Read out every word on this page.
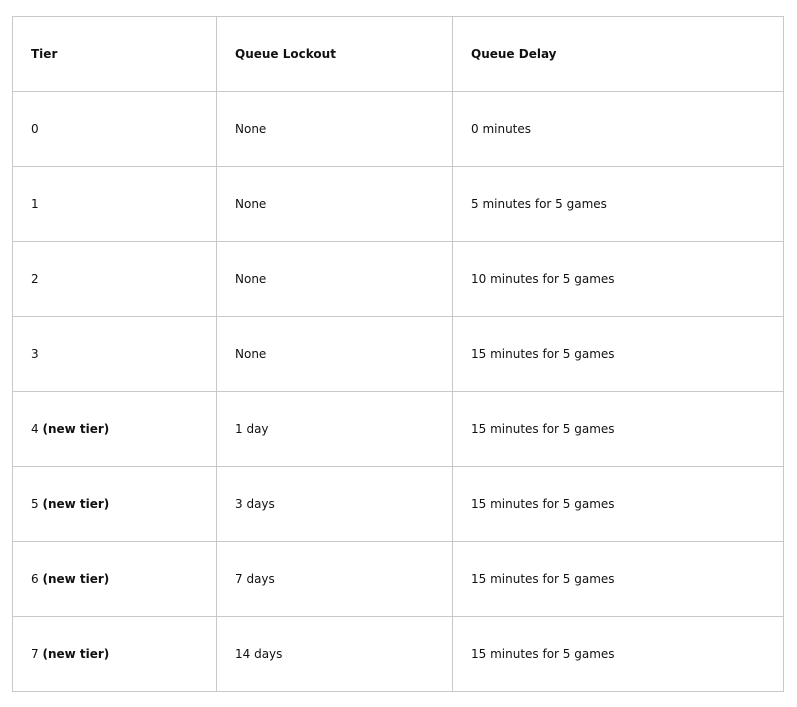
Tier	Queue Lockout	Queue Delay
0	None	0 minutes
1	None	5 minutes for 5 games
2	None	10 minutes for 5 games
3	None	15 minutes for 5 games
4 (new tier)	1 day	15 minutes for 5 games
5 (new tier)	3 days	15 minutes for 5 games
6 (new tier)	7 days	15 minutes for 5 games
7 (new tier)	14 days	15 minutes for 5 games
